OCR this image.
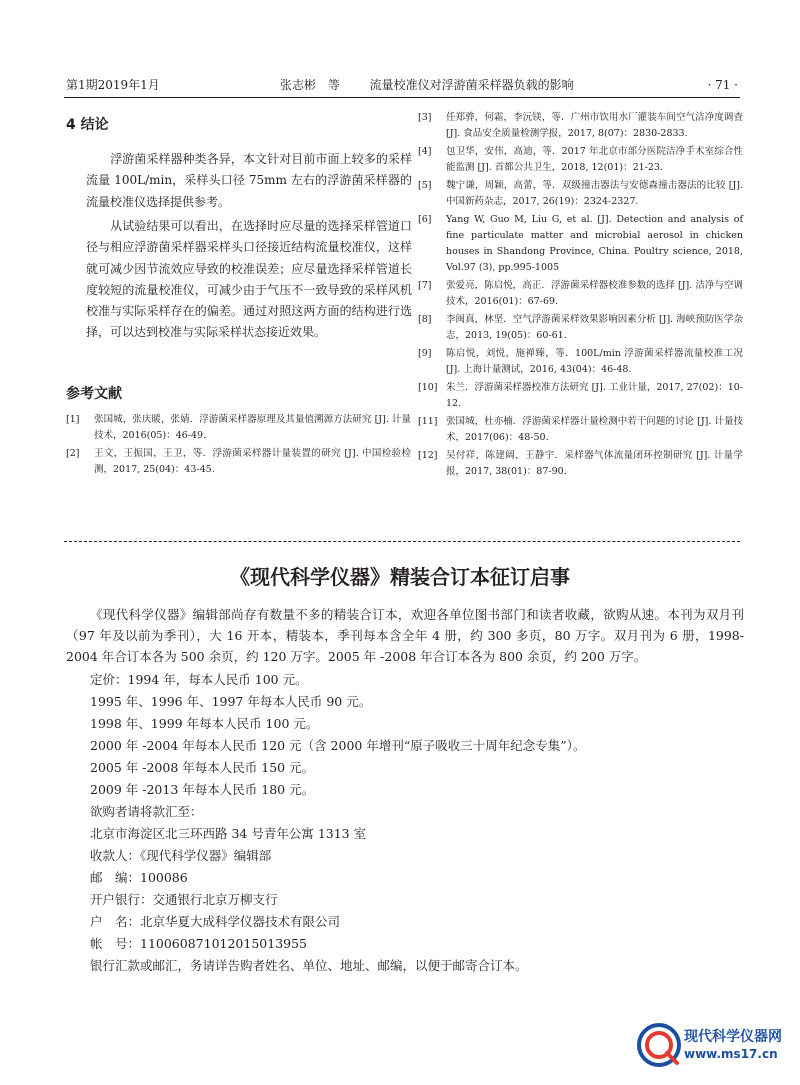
第1期2019年1月	张志彬　等 流量校准仪对浮游菌采样器负载的影响	· 71 ·
4 结论
浮游菌采样器种类各异，本文针对目前市面上较多的采样流量 100L/min，采样头口径 75mm 左右的浮游菌采样器的流量校准仪选择提供参考。
从试验结果可以看出，在选择时应尽量的选择采样管道口径与相应浮游菌采样器采样头口径接近结构流量校准仪，这样就可减少因节流效应导致的校准误差；应尽量选择采样管道长度较短的流量校准仪，可减少由于气压不一致导致的采样风机校准与实际采样存在的偏差。通过对照这两方面的结构进行选择，可以达到校准与实际采样状态接近效果。
参考文献
[1]	张国城，张庆暖，张婧．浮游菌采样器原理及其量值溯源方法研究 [J]. 计量技术，2016(05)：46-49.
[2]	王文，王振国，王卫，等．浮游菌采样器计量装置的研究 [J]. 中国检验检测，2017, 25(04)：43-45.
[3]	任郑骅，何霜，李沅镁，等．广州市饮用水厂灌装车间空气洁净度调查 [J]. 食品安全质量检测学报，2017, 8(07)：2830-2833.
[4]	包卫华，安伟，高迪，等．2017 年北京市部分医院洁净手术室综合性能监测 [J]. 首都公共卫生，2018, 12(01)：21-23.
[5]	魏宁谦，周颖，高蕾，等．双级撞击器法与安德森撞击器法的比较 [J]. 中国新药杂志，2017, 26(19)：2324-2327.
[6]	Yang W, Guo M, Liu G, et al. [J]. Detection and analysis of fine particulate matter and microbial aerosol in chicken houses in Shandong Province, China. Poultry science, 2018, Vol.97 (3), pp.995-1005
[7]	张爱亮，陈启悦，高正．浮游菌采样器校准参数的选择 [J]. 洁净与空调技术，2016(01)：67-69.
[8]	李闽真，林坚．空气浮游菌采样效果影响因素分析 [J]. 海峡预防医学杂志，2013, 19(05)：60-61.
[9]	陈启悦，刘悦，施禅臻，等．100L/min 浮游菌采样器流量校准工况 [J]. 上海计量测试，2016, 43(04)：46-48.
[10] 朱兰．浮游菌采样器校准方法研究 [J]. 工业计量，2017, 27(02)：10-12.
[11] 张国城，杜亦楠．浮游菌采样器计量检测中若干问题的讨论 [J]. 计量技术，2017(06)：48-50.
[12] 吴付祥，陈建阔，王静宇．采样器气体流量闭环控制研究 [J]. 计量学报，2017, 38(01)：87-90.
《现代科学仪器》精装合订本征订启事

《现代科学仪器》编辑部尚存有数量不多的精装合订本，欢迎各单位图书部门和读者收藏，欲购从速。本刊为双月刊（97 年及以前为季刊），大 16 开本，精装本，季刊每本含全年 4 册，约 300 多页，80 万字。双月刊为 6 册，1998-2004 年合订本各为 500 余页，约 120 万字。2005 年 -2008 年合订本各为 800 余页，约 200 万字。

定价：1994 年，每本人民币 100 元。
1995 年、1996 年、1997 年每本人民币 90 元。
1998 年、1999 年每本人民币 100 元。
2000 年 -2004 年每本人民币 120 元（含 2000 年增刊“原子吸收三十周年纪念专集”）。
2005 年 -2008 年每本人民币 150 元。
2009 年 -2013 年每本人民币 180 元。
欲购者请将款汇至：
北京市海淀区北三环西路 34 号青年公寓 1313 室
收款人：《现代科学仪器》编辑部
邮　编：100086
开户银行：交通银行北京万柳支行
户　名：北京华夏大成科学仪器技术有限公司
帐　号：110060871012015013955
银行汇款或邮汇，务请详告购者姓名、单位、地址、邮编，以便于邮寄合订本。
现代科学仪器网
www.ms17.cn
